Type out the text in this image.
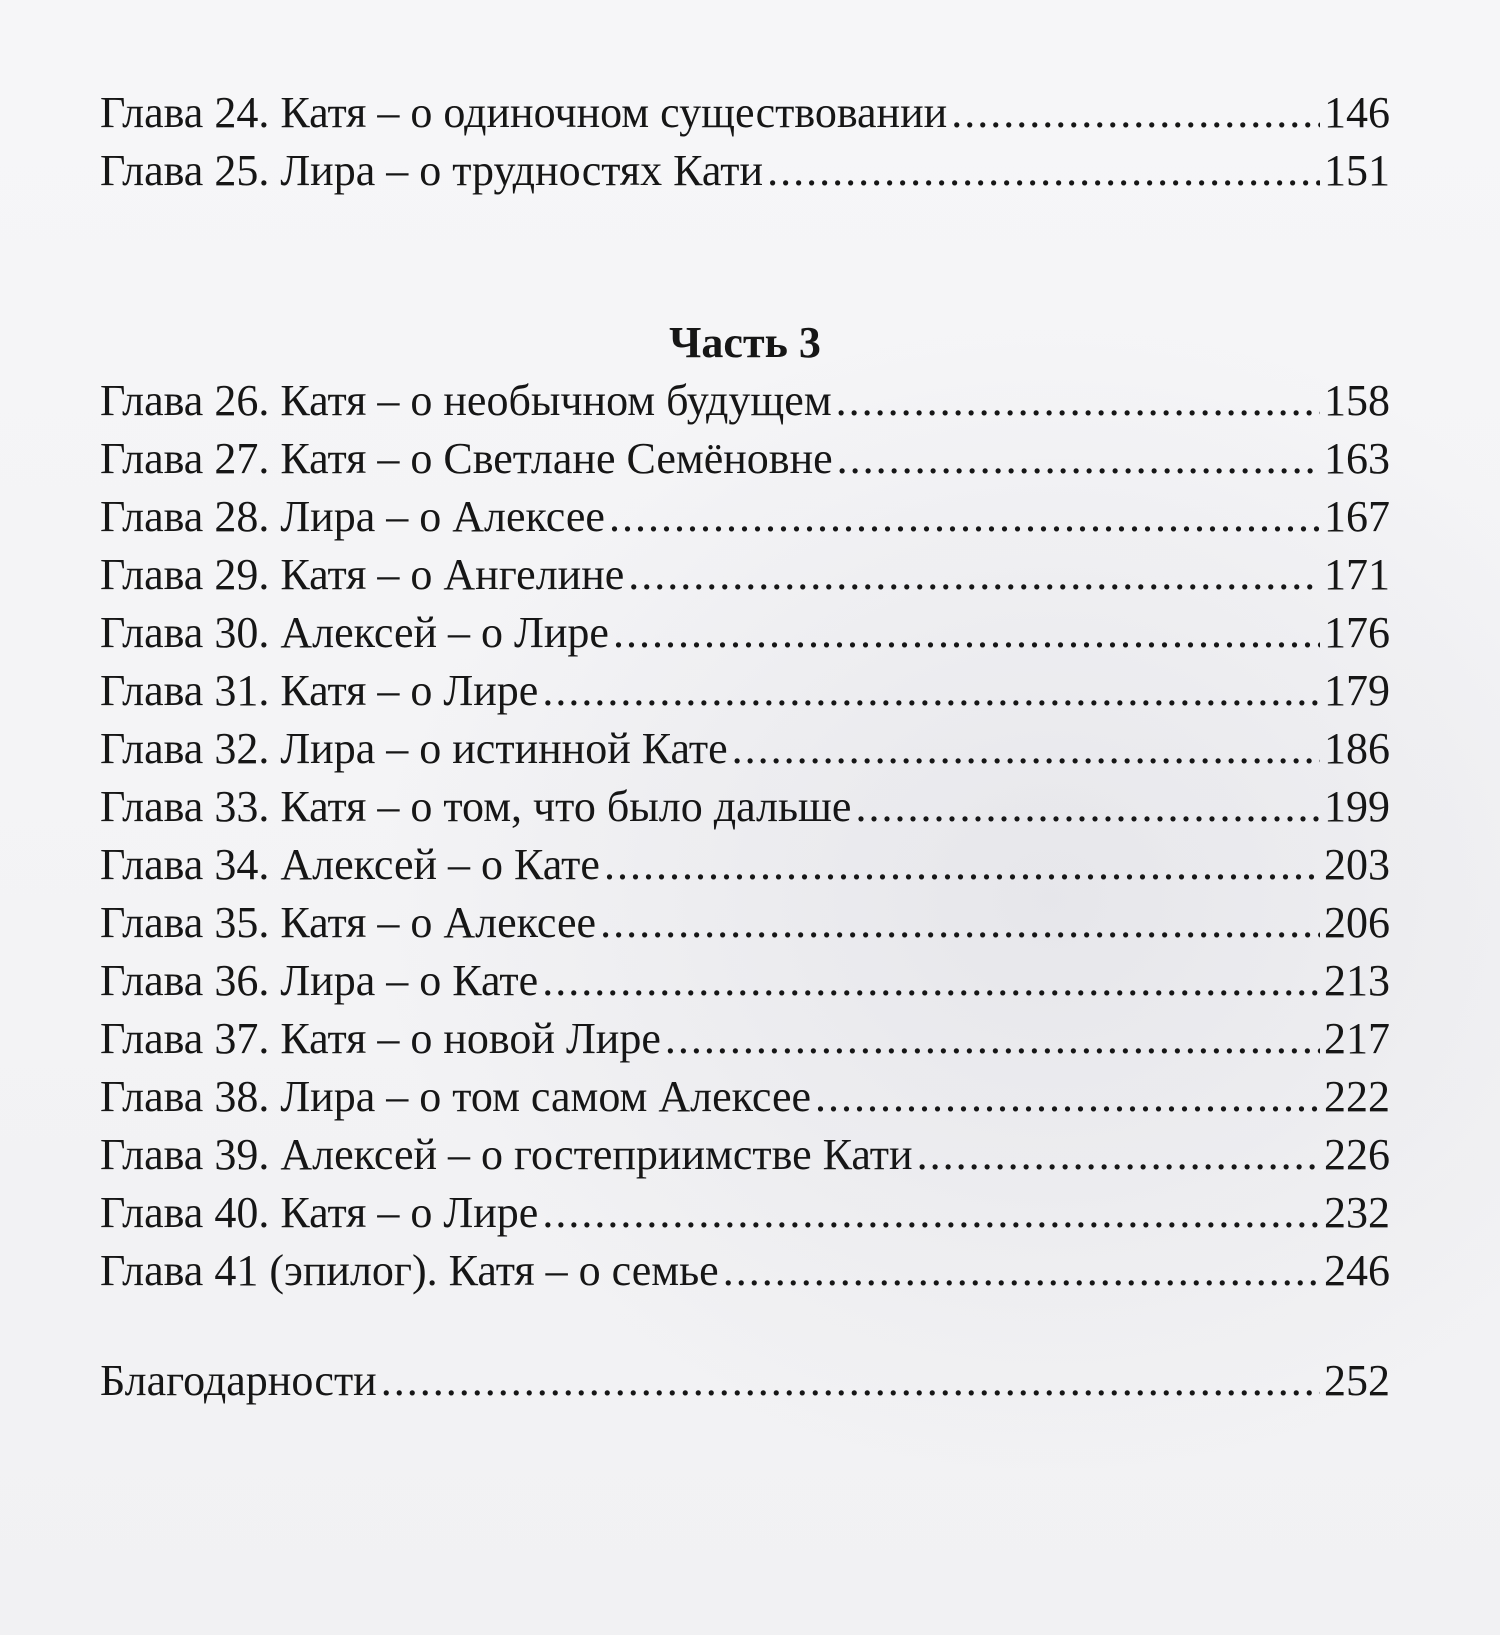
Глава 24. Катя – о одиночном существовании .....	146
Глава 25. Лира – о трудностях Кати .....	151
Часть 3
Глава 26. Катя – о необычном будущем .....	158
Глава 27. Катя – о Светлане Семёновне .....	163
Глава 28. Лира – о Алексее .....	167
Глава 29. Катя – о Ангелине .....	171
Глава 30. Алексей – о Лире .....	176
Глава 31. Катя – о Лире .....	179
Глава 32. Лира – о истинной Кате .....	186
Глава 33. Катя – о том, что было дальше .....	199
Глава 34. Алексей – о Кате .....	203
Глава 35. Катя – о Алексее .....	206
Глава 36. Лира – о Кате .....	213
Глава 37. Катя – о новой Лире .....	217
Глава 38. Лира – о том самом Алексее .....	222
Глава 39. Алексей – о гостеприимстве Кати .....	226
Глава 40. Катя – о Лире .....	232
Глава 41 (эпилог). Катя – о семье .....	246
Благодарности .....	252
